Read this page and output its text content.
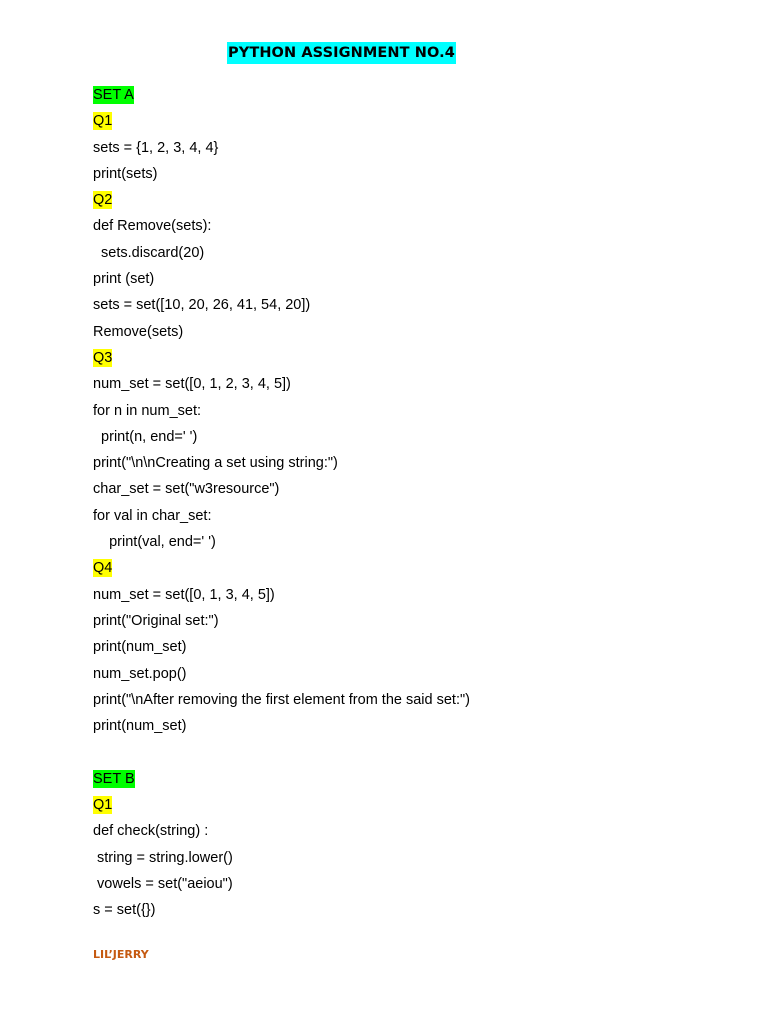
PYTHON ASSIGNMENT NO.4
SET A
Q1
sets = {1, 2, 3, 4, 4}
print(sets)
Q2
def Remove(sets):
sets.discard(20)
print (set)
sets = set([10, 20, 26, 41, 54, 20])
Remove(sets)
Q3
num_set = set([0, 1, 2, 3, 4, 5])
for n in num_set:
print(n, end=' ')
print("\n\nCreating a set using string:")
char_set = set("w3resource")
for val in char_set:
print(val, end=' ')
Q4
num_set = set([0, 1, 3, 4, 5])
print("Original set:")
print(num_set)
num_set.pop()
print("\nAfter removing the first element from the said set:")
print(num_set)
SET B
Q1
def check(string) :
string = string.lower()
vowels = set("aeiou")
s = set({})
LIL’JERRY
